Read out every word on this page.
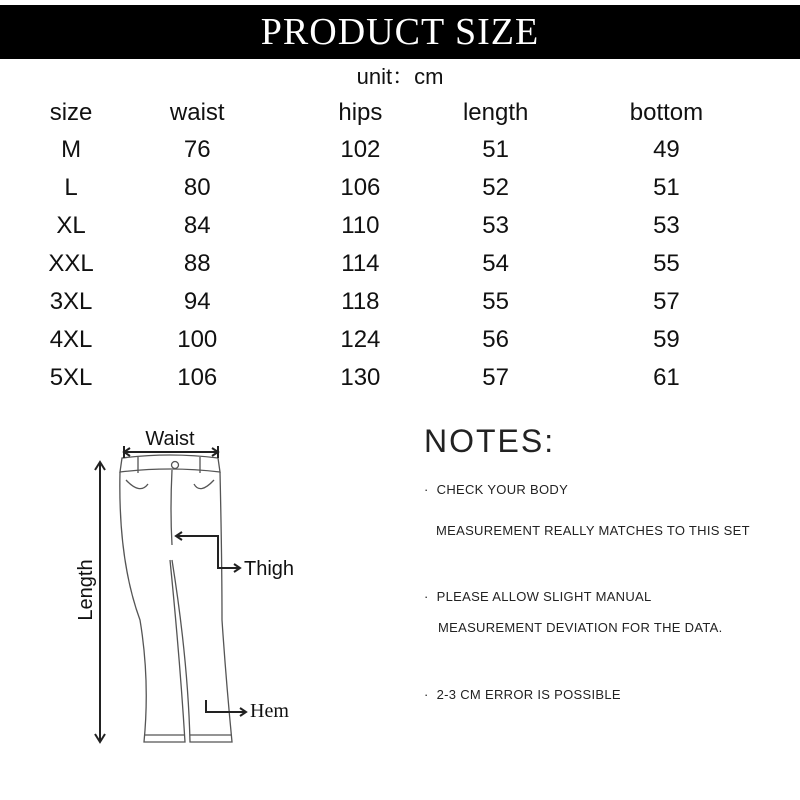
PRODUCT SIZE
unit：cm
size	waist	hips	length	bottom
M	76	102	51	49
L	80	106	52	51
XL	84	110	53	53
XXL	88	114	54	55
3XL	94	118	55	57
4XL	100	124	56	59
5XL	106	130	57	61
Waist
Thigh
Length
Hem
NOTES:
· CHECK YOUR BODY
MEASUREMENT REALLY MATCHES TO THIS SET
· PLEASE ALLOW SLIGHT MANUAL
MEASUREMENT DEVIATION FOR THE DATA.
· 2-3 CM ERROR IS POSSIBLE
